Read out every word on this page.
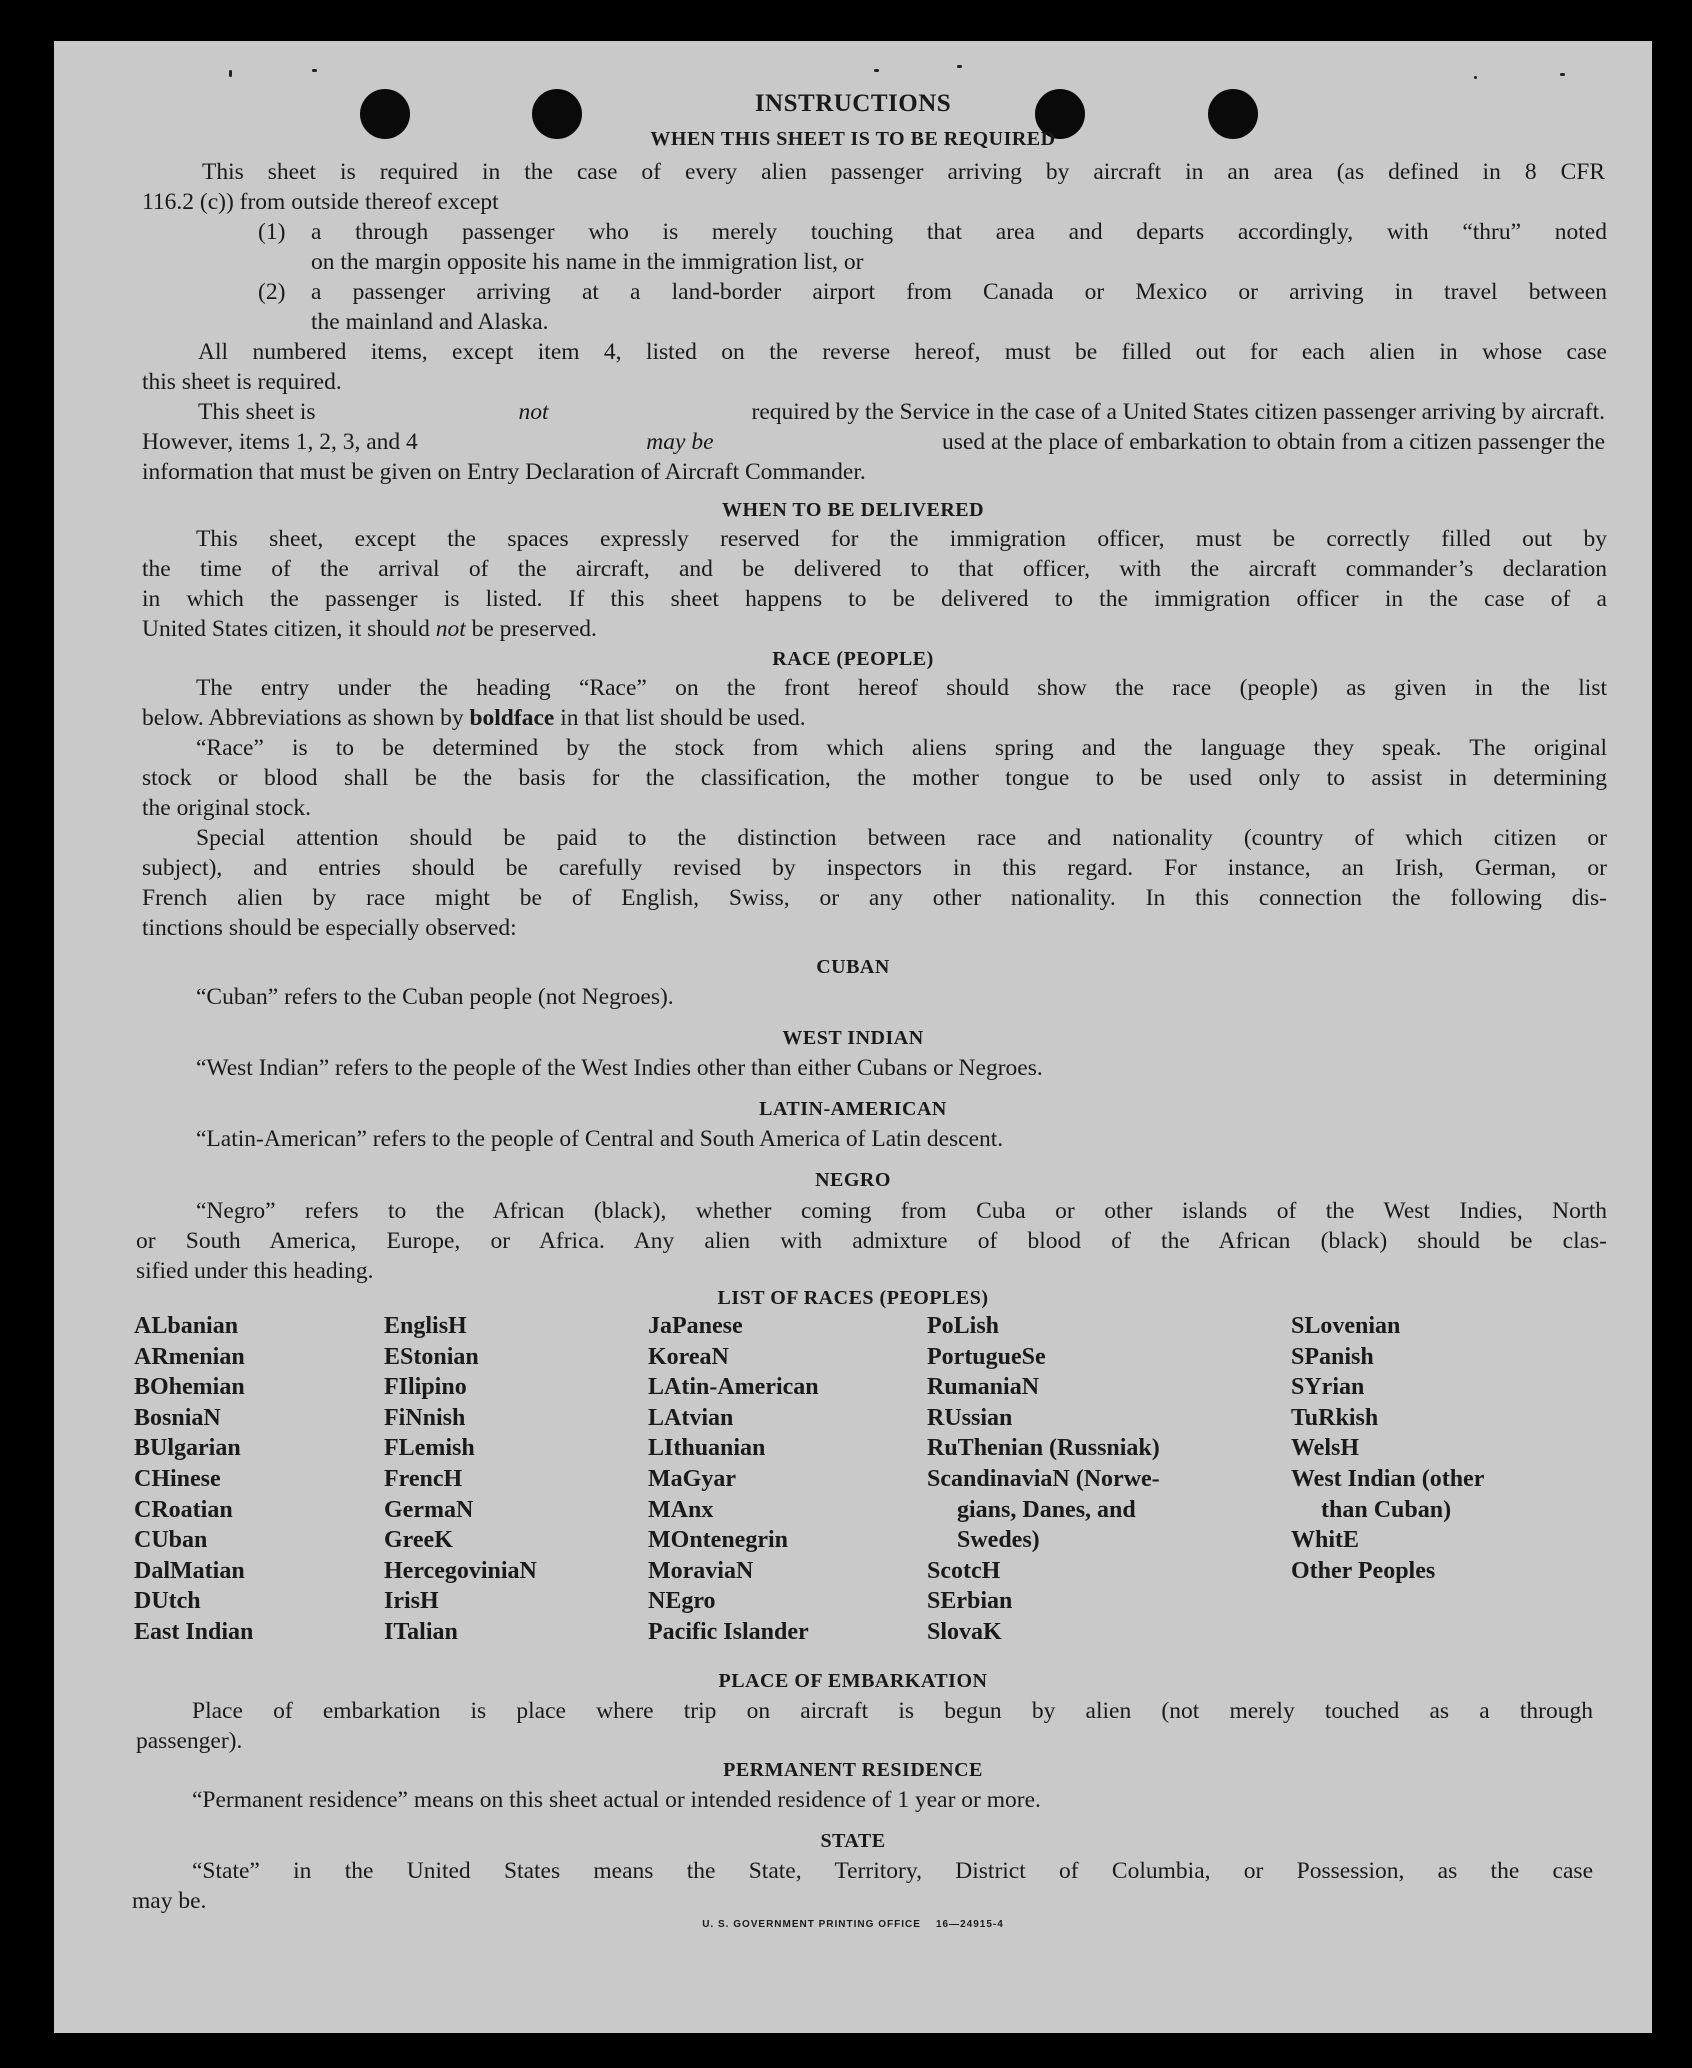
INSTRUCTIONS
WHEN THIS SHEET IS TO BE REQUIRED
This sheet is required in the case of every alien passenger arriving by aircraft in an area (as defined in 8 CFR
116.2 (c)) from outside thereof except
(1) a through passenger who is merely touching that area and departs accordingly, with “thru” noted
on the margin opposite his name in the immigration list, or
(2) a passenger arriving at a land-border airport from Canada or Mexico or arriving in travel between
the mainland and Alaska.
All numbered items, except item 4, listed on the reverse hereof, must be filled out for each alien in whose case
this sheet is required.
This sheet is	not	required by the Service in the case of a United States citizen passenger arriving by aircraft.
However, items 1, 2, 3, and 4	may be	used at the place of embarkation to obtain from a citizen passenger the
information that must be given on Entry Declaration of Aircraft Commander.
WHEN TO BE DELIVERED
This sheet, except the spaces expressly reserved for the immigration officer, must be correctly filled out by
the time of the arrival of the aircraft, and be delivered to that officer, with the aircraft commander’s declaration
in which the passenger is listed. If this sheet happens to be delivered to the immigration officer in the case of a
United States citizen, it should not be preserved.
RACE (PEOPLE)
The entry under the heading “Race” on the front hereof should show the race (people) as given in the list
below. Abbreviations as shown by boldface in that list should be used.
“Race” is to be determined by the stock from which aliens spring and the language they speak. The original
stock or blood shall be the basis for the classification, the mother tongue to be used only to assist in determining
the original stock.
Special attention should be paid to the distinction between race and nationality (country of which citizen or
subject), and entries should be carefully revised by inspectors in this regard. For instance, an Irish, German, or
French alien by race might be of English, Swiss, or any other nationality. In this connection the following dis-
tinctions should be especially observed:
CUBAN
“Cuban” refers to the Cuban people (not Negroes).
WEST INDIAN
“West Indian” refers to the people of the West Indies other than either Cubans or Negroes.
LATIN-AMERICAN
“Latin-American” refers to the people of Central and South America of Latin descent.
NEGRO
“Negro” refers to the African (black), whether coming from Cuba or other islands of the West Indies, North
or South America, Europe, or Africa. Any alien with admixture of blood of the African (black) should be clas-
sified under this heading.
LIST OF RACES (PEOPLES)
ALbanian
ARmenian
BOhemian
BosniaN
BUlgarian
CHinese
CRoatian
CUban
DalMatian
DUtch
East Indian
EnglisH
EStonian
FIlipino
FiNnish
FLemish
FrencH
GermaN
GreeK
HercegoviniaN
IrisH
ITalian
JaPanese
KoreaN
LAtin-American
LAtvian
LIthuanian
MaGyar
MAnx
MOntenegrin
MoraviaN
NEgro
Pacific Islander
PoLish
PortugueSe
RumaniaN
RUssian
RuThenian (Russniak)
ScandinaviaN (Norwe-
gians, Danes, and
Swedes)
ScotcH
SErbian
SlovaK
SLovenian
SPanish
SYrian
TuRkish
WelsH
West Indian (other
than Cuban)
WhitE
Other Peoples
PLACE OF EMBARKATION
Place of embarkation is place where trip on aircraft is begun by alien (not merely touched as a through
passenger).
PERMANENT RESIDENCE
“Permanent residence” means on this sheet actual or intended residence of 1 year or more.
STATE
“State” in the United States means the State, Territory, District of Columbia, or Possession, as the case
may be.
U. S. GOVERNMENT PRINTING OFFICE    16—24915-4
